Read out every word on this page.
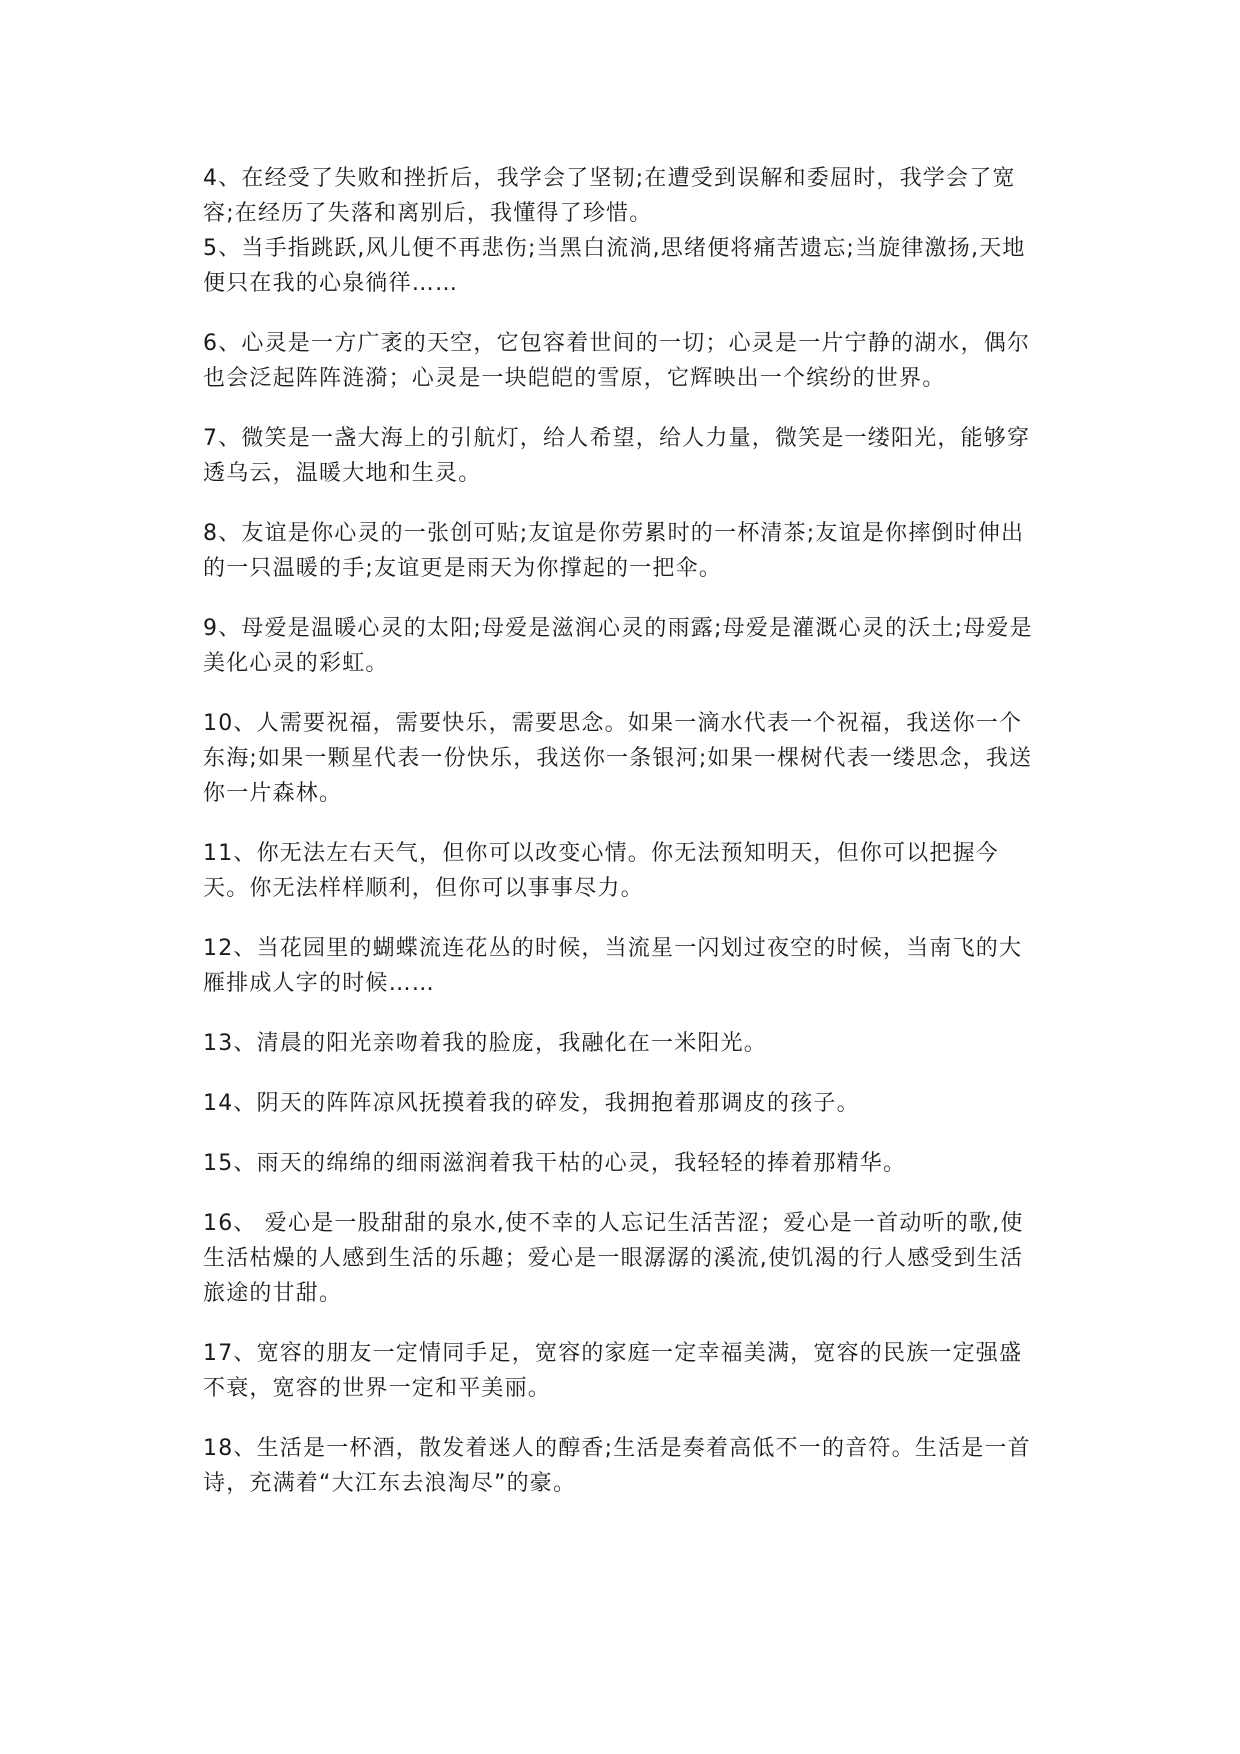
4、在经受了失败和挫折后，我学会了坚韧;在遭受到误解和委屈时，我学会了宽容;在经历了失落和离别后，我懂得了珍惜。

5、当手指跳跃,风儿便不再悲伤;当黑白流淌,思绪便将痛苦遗忘;当旋律激扬,天地便只在我的心泉徜徉……

6、心灵是一方广袤的天空，它包容着世间的一切；心灵是一片宁静的湖水，偶尔也会泛起阵阵涟漪；心灵是一块皑皑的雪原，它辉映出一个缤纷的世界。

7、微笑是一盏大海上的引航灯，给人希望，给人力量，微笑是一缕阳光，能够穿透乌云，温暖大地和生灵。

8、友谊是你心灵的一张创可贴;友谊是你劳累时的一杯清茶;友谊是你摔倒时伸出的一只温暖的手;友谊更是雨天为你撑起的一把伞。

9、母爱是温暖心灵的太阳;母爱是滋润心灵的雨露;母爱是灌溉心灵的沃土;母爱是美化心灵的彩虹。

10、人需要祝福，需要快乐，需要思念。如果一滴水代表一个祝福，我送你一个东海;如果一颗星代表一份快乐，我送你一条银河;如果一棵树代表一缕思念，我送你一片森林。

11、你无法左右天气，但你可以改变心情。你无法预知明天，但你可以把握今天。你无法样样顺利，但你可以事事尽力。

12、当花园里的蝴蝶流连花丛的时候，当流星一闪划过夜空的时候，当南飞的大雁排成人字的时候……

13、清晨的阳光亲吻着我的脸庞，我融化在一米阳光。

14、阴天的阵阵凉风抚摸着我的碎发，我拥抱着那调皮的孩子。

15、雨天的绵绵的细雨滋润着我干枯的心灵，我轻轻的捧着那精华。

16、 爱心是一股甜甜的泉水,使不幸的人忘记生活苦涩；爱心是一首动听的歌,使生活枯燥的人感到生活的乐趣；爱心是一眼潺潺的溪流,使饥渴的行人感受到生活旅途的甘甜。

17、宽容的朋友一定情同手足，宽容的家庭一定幸福美满，宽容的民族一定强盛不衰，宽容的世界一定和平美丽。

18、生活是一杯酒，散发着迷人的醇香;生活是奏着高低不一的音符。生活是一首诗，充满着“大江东去浪淘尽”的豪。
